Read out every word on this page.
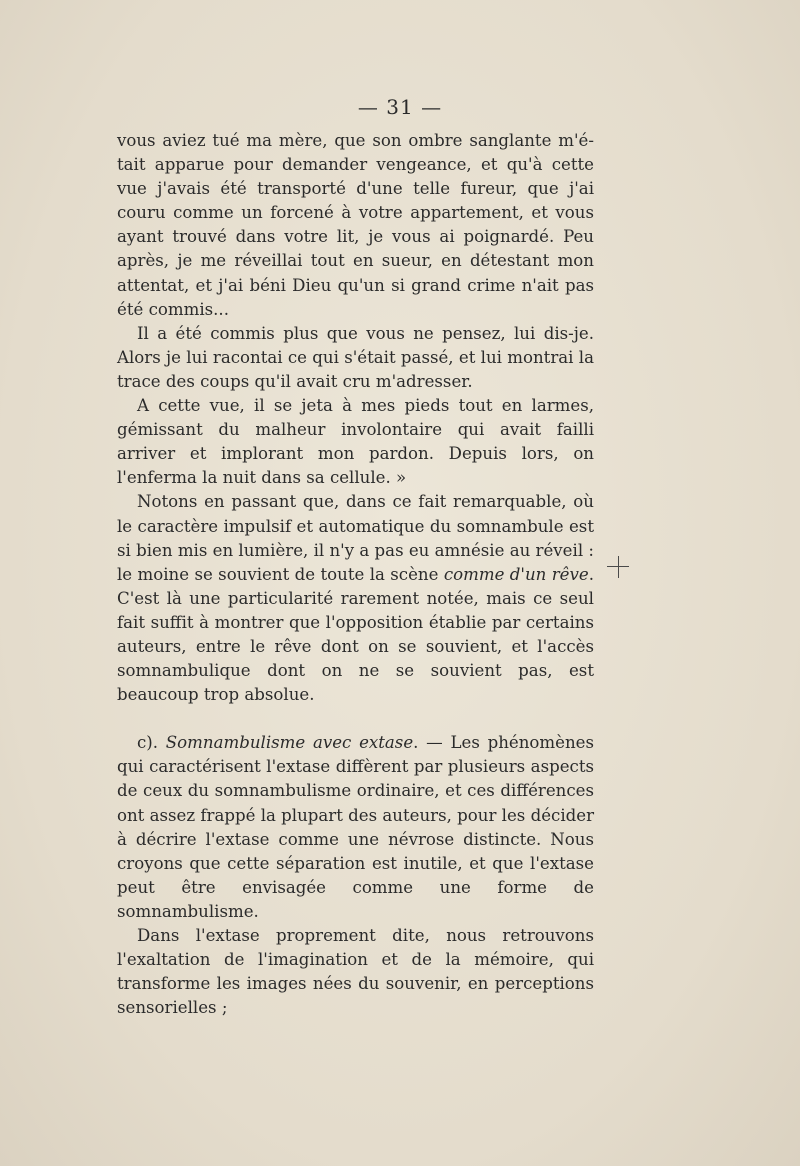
— 31 —

vous aviez tué ma mère, que son ombre sanglante m'é-tait apparue pour demander vengeance, et qu'à cette vue j'avais été transporté d'une telle fureur, que j'ai couru comme un forcené à votre appartement, et vous ayant trouvé dans votre lit, je vous ai poignardé. Peu après, je me réveillai tout en sueur, en détestant mon attentat, et j'ai béni Dieu qu'un si grand crime n'ait pas été commis...

Il a été commis plus que vous ne pensez, lui dis-je. Alors je lui racontai ce qui s'était passé, et lui montrai la trace des coups qu'il avait cru m'adresser.

A cette vue, il se jeta à mes pieds tout en larmes, gémissant du malheur involontaire qui avait failli arriver et implorant mon pardon. Depuis lors, on l'enferma la nuit dans sa cellule. »

Notons en passant que, dans ce fait remarquable, où le caractère impulsif et automatique du somnambule est si bien mis en lumière, il n'y a pas eu amnésie au réveil : le moine se souvient de toute la scène comme d'un rêve. C'est là une particularité rarement notée, mais ce seul fait suffit à montrer que l'opposition établie par certains auteurs, entre le rêve dont on se souvient, et l'accès somnambulique dont on ne se souvient pas, est beaucoup trop absolue.

c). Somnambulisme avec extase. — Les phénomènes qui caractérisent l'extase diffèrent par plusieurs aspects de ceux du somnambulisme ordinaire, et ces différences ont assez frappé la plupart des auteurs, pour les décider à décrire l'extase comme une névrose distincte. Nous croyons que cette séparation est inutile, et que l'extase peut être envisagée comme une forme de somnambulisme.

Dans l'extase proprement dite, nous retrouvons l'exaltation de l'imagination et de la mémoire, qui transforme les images nées du souvenir, en perceptions sensorielles ;
